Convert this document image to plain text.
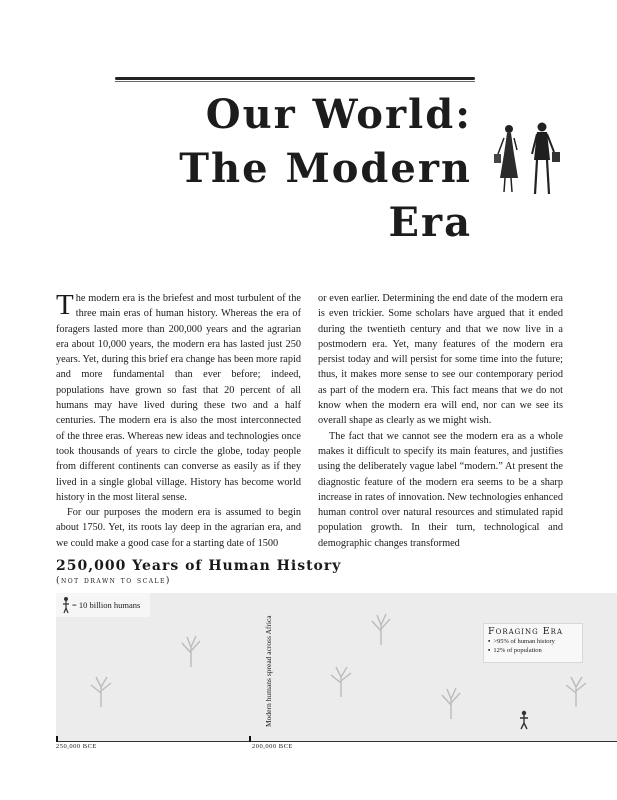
Our World:
The Modern
Era

The modern era is the briefest and most turbulent of the three main eras of human history. Whereas the era of foragers lasted more than 200,000 years and the agrarian era about 10,000 years, the modern era has lasted just 250 years. Yet, during this brief era change has been more rapid and more fundamental than ever before; indeed, populations have grown so fast that 20 percent of all humans may have lived during these two and a half centuries. The modern era is also the most interconnected of the three eras. Whereas new ideas and technologies once took thousands of years to circle the globe, today people from different continents can converse as easily as if they lived in a single global village. History has become world history in the most literal sense.

For our purposes the modern era is assumed to begin about 1750. Yet, its roots lay deep in the agrarian era, and we could make a good case for a starting date of 1500

or even earlier. Determining the end date of the modern era is even trickier. Some scholars have argued that it ended during the twentieth century and that we now live in a postmodern era. Yet, many features of the modern era persist today and will persist for some time into the future; thus, it makes more sense to see our contemporary period as part of the modern era. This fact means that we do not know when the modern era will end, nor can we see its overall shape as clearly as we might wish.

The fact that we cannot see the modern era as a whole makes it difficult to specify its main features, and justifies using the deliberately vague label “modern.” At present the diagnostic feature of the modern era seems to be a sharp increase in rates of innovation. New technologies enhanced human control over natural resources and stimulated rapid population growth. In their turn, technological and demographic changes transformed

250,000 Years of Human History
(not drawn to scale)
= 10 billion humans
Modern humans spread across Africa	Foraging Era
▪ >95% of human history
▪ 12% of population
250,000 BCE	200,000 BCE
